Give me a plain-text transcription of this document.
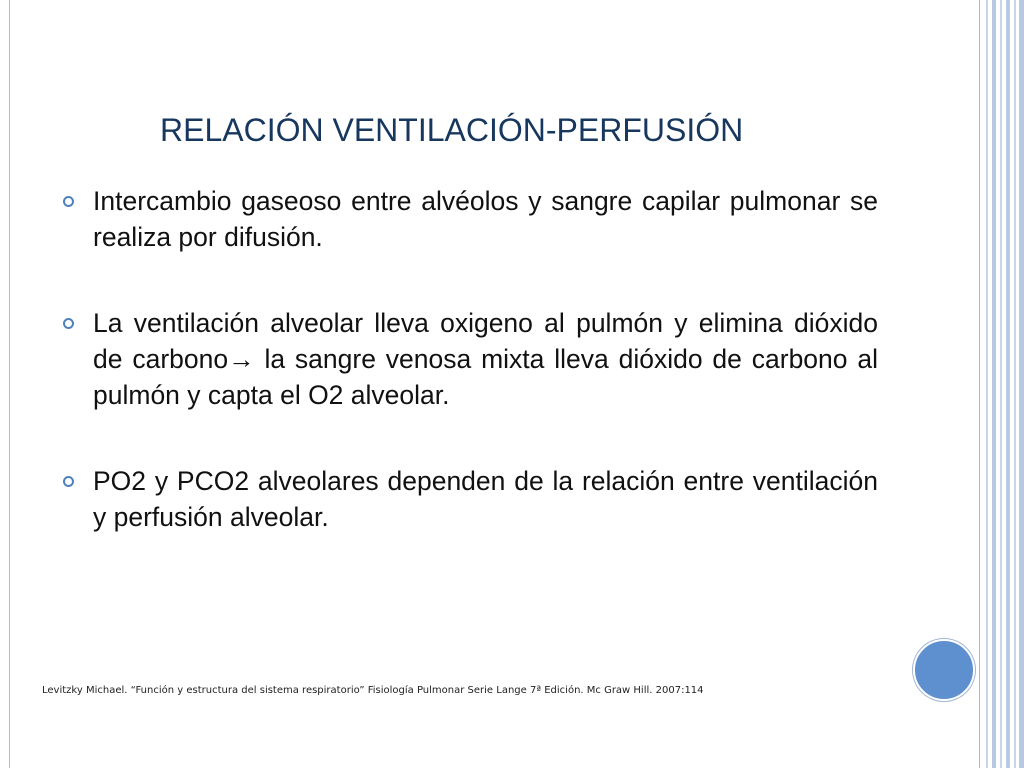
RELACIÓN VENTILACIÓN-PERFUSIÓN
Intercambio gaseoso entre alvéolos y sangre capilar pulmonar se realiza por difusión.
La ventilación alveolar lleva oxigeno al pulmón y elimina dióxido de carbono→ la sangre venosa mixta lleva dióxido de carbono al pulmón y capta el O2 alveolar.
PO2 y PCO2 alveolares dependen de la relación entre ventilación y perfusión alveolar.
Levitzky Michael. “Función y estructura del sistema respiratorio” Fisiología Pulmonar Serie Lange 7ª Edición. Mc Graw Hill. 2007:114
